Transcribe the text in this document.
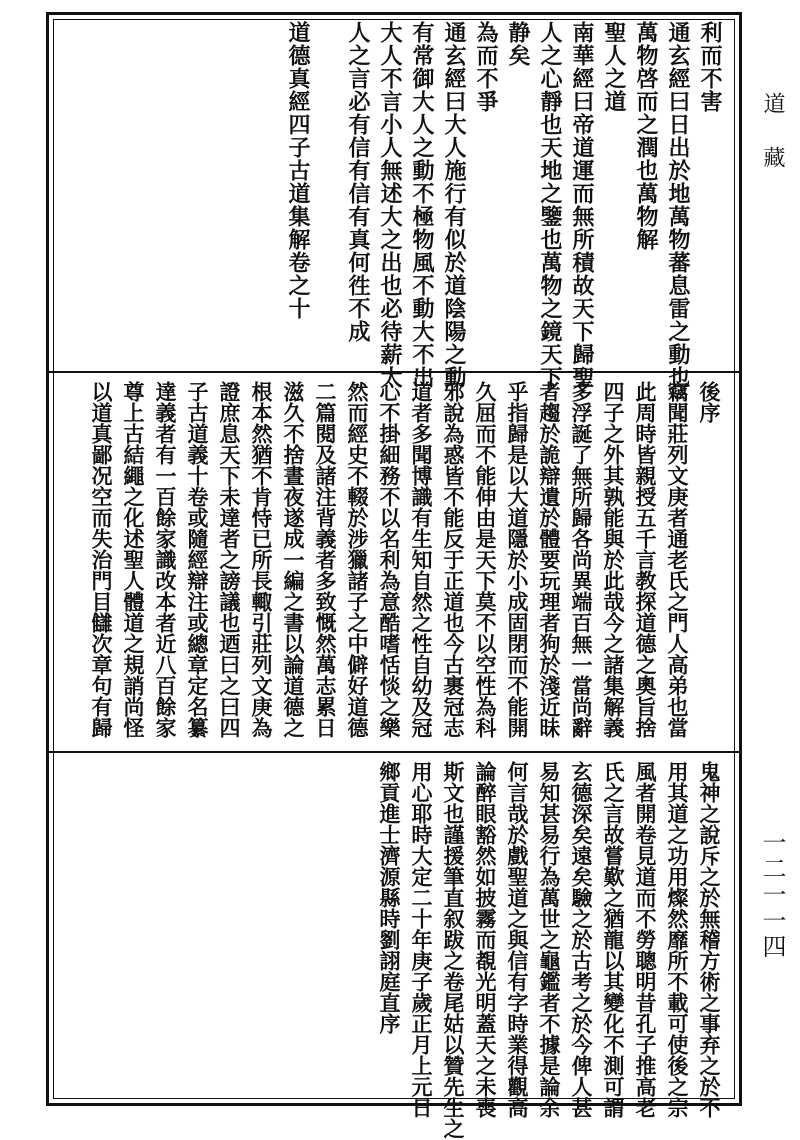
利而不害
通玄經曰日出於地萬物蕃息雷之動也
萬物啓而之潤也萬物解
聖人之道
南華經曰帝道運而無所積故天下歸聖
人之心靜也天地之鑒也萬物之鏡天下
静矣
為而不爭
通玄經曰大人施行有似於道陰陽之動
有常御大人之動不極物風不動大不出
大人不言小人無述大之出也必待薪大
人之言必有信有信有真何徃不成
道德真經四子古道集解卷之十
後序
竊聞莊列文庚者通老氏之門人高弟也當
此周時皆親授五千言教探道德之奧旨捨
四子之外其孰能與於此哉今之諸集解義
多浮誕了無所歸各尚異端百無一當尚辭
者趨於詭辯遺於體要玩理者狗於淺近昧
乎指歸是以大道隱於小成固閉而不能開
久屈而不能伸由是天下莫不以空性為科
邪說為惑皆不能反于正道也今古裹冠志
道者多聞博識有生知自然之性自幼及冠
心不掛細務不以名利為意酷嗜恬惔之樂
然而經史不輟於涉獵諸子之中僻好道德
二篇閱及諸注背義者多致慨然萬志累日
滋久不捨晝夜遂成一編之書以論道德之
根本然猶不肯恃已所長輙引莊列文庚為
證庶息天下未達者之謗議也迺曰之曰四
子古道義十卷或隨經辯注或總章定名纂
達義者有一百餘家識改本者近八百餘家
尊上古結繩之化述聖人體道之規誚尚怪
以道真鄙况空而失治門目讎次章句有歸
鬼神之說斥之於無稽方術之事弃之於不
用其道之功用燦然靡所不載可使後之宗
風者開卷見道而不勞聰明昔孔子推高老
氏之言故嘗歎之猶龍以其變化不測可謂
玄德深矣遠矣驗之於古考之於今俾人甚
易知甚易行為萬世之龜鑑者不據是論余
何言哉於戲聖道之與信有字時業得觀高
論醉眼豁然如披霧而覩光明蓋天之未喪
斯文也謹援筆直叙跋之卷尾姑以贊先生之
用心耶時大定二十年庚子歲正月上元日
鄉貢進士濟源縣時劉詡庭直序
道藏
一二一一四
